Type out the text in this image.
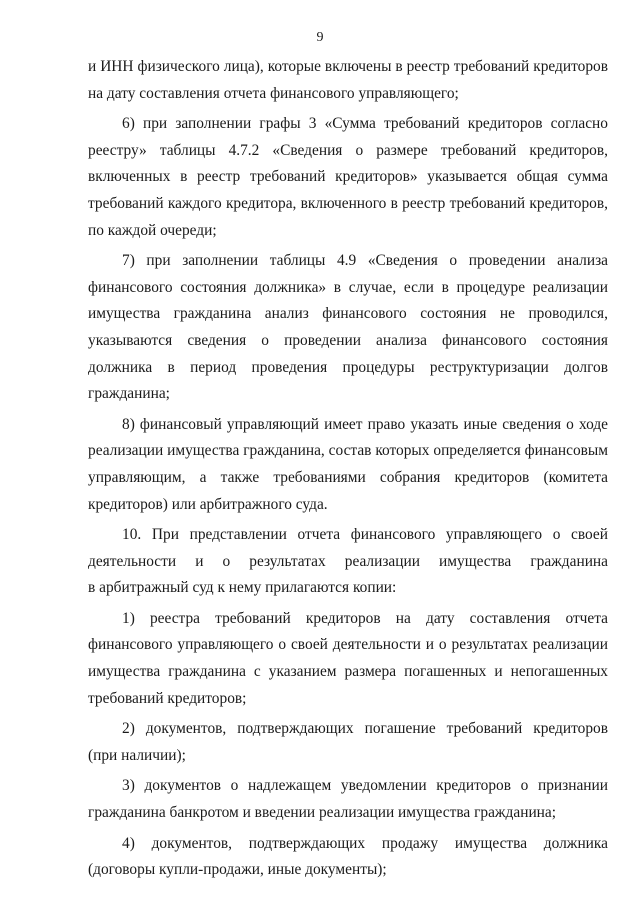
9
и ИНН физического лица), которые включены в реестр требований кредиторов
на дату составления отчета финансового управляющего;
6) при заполнении графы 3 «Сумма требований кредиторов согласно
реестру» таблицы 4.7.2 «Сведения о размере требований кредиторов,
включенных в реестр требований кредиторов» указывается общая сумма
требований каждого кредитора, включенного в реестр требований кредиторов,
по каждой очереди;
7) при заполнении таблицы 4.9 «Сведения о проведении анализа
финансового состояния должника» в случае, если в процедуре реализации
имущества гражданина анализ финансового состояния не проводился,
указываются сведения о проведении анализа финансового состояния
должника в период проведения процедуры реструктуризации долгов
гражданина;
8) финансовый управляющий имеет право указать иные сведения о ходе
реализации имущества гражданина, состав которых определяется финансовым
управляющим, а также требованиями собрания кредиторов (комитета
кредиторов) или арбитражного суда.
10. При представлении отчета финансового управляющего о своей
деятельности и о результатах реализации имущества гражданина
в арбитражный суд к нему прилагаются копии:
1) реестра требований кредиторов на дату составления отчета
финансового управляющего о своей деятельности и о результатах реализации
имущества гражданина с указанием размера погашенных и непогашенных
требований кредиторов;
2) документов, подтверждающих погашение требований кредиторов
(при наличии);
3) документов о надлежащем уведомлении кредиторов о признании
гражданина банкротом и введении реализации имущества гражданина;
4) документов, подтверждающих продажу имущества должника
(договоры купли-продажи, иные документы);
